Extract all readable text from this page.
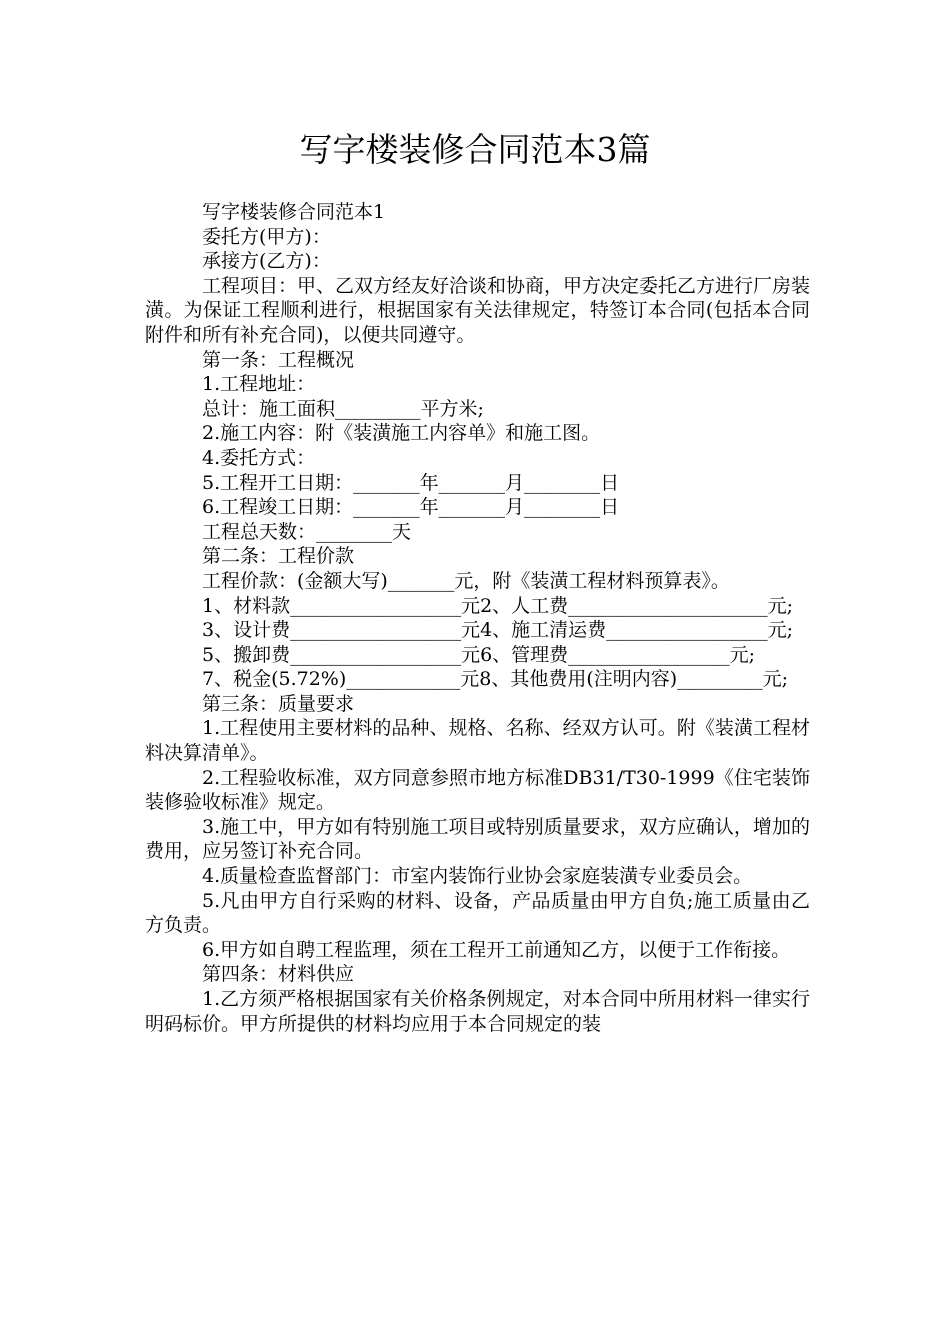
写字楼装修合同范本3篇

写字楼装修合同范本1

委托方(甲方)：

承接方(乙方)：

工程项目：甲、乙双方经友好洽谈和协商，甲方决定委托乙方进行厂房装潢。为保证工程顺利进行，根据国家有关法律规定，特签订本合同(包括本合同附件和所有补充合同)，以便共同遵守。

第一条：工程概况

1.工程地址：

总计：施工面积_________平方米;

2.施工内容：附《装潢施工内容单》和施工图。

4.委托方式：

5.工程开工日期：_______年_______月________日

6.工程竣工日期：_______年_______月________日

工程总天数：________天

第二条：工程价款

工程价款：(金额大写)_______元，附《装潢工程材料预算表》。

1、材料款__________________元2、人工费_____________________元;

3、设计费__________________元4、施工清运费_________________元;

5、搬卸费__________________元6、管理费_________________元;

7、税金(5.72%)____________元8、其他费用(注明内容)_________元;

第三条：质量要求

1.工程使用主要材料的品种、规格、名称、经双方认可。附《装潢工程材料决算清单》。

2.工程验收标准，双方同意参照市地方标准DB31/T30-1999《住宅装饰装修验收标准》规定。

3.施工中，甲方如有特别施工项目或特别质量要求，双方应确认，增加的费用，应另签订补充合同。

4.质量检查监督部门：市室内装饰行业协会家庭装潢专业委员会。

5.凡由甲方自行采购的材料、设备，产品质量由甲方自负;施工质量由乙方负责。

6.甲方如自聘工程监理，须在工程开工前通知乙方，以便于工作衔接。

第四条：材料供应

1.乙方须严格根据国家有关价格条例规定，对本合同中所用材料一律实行明码标价。甲方所提供的材料均应用于本合同规定的装
